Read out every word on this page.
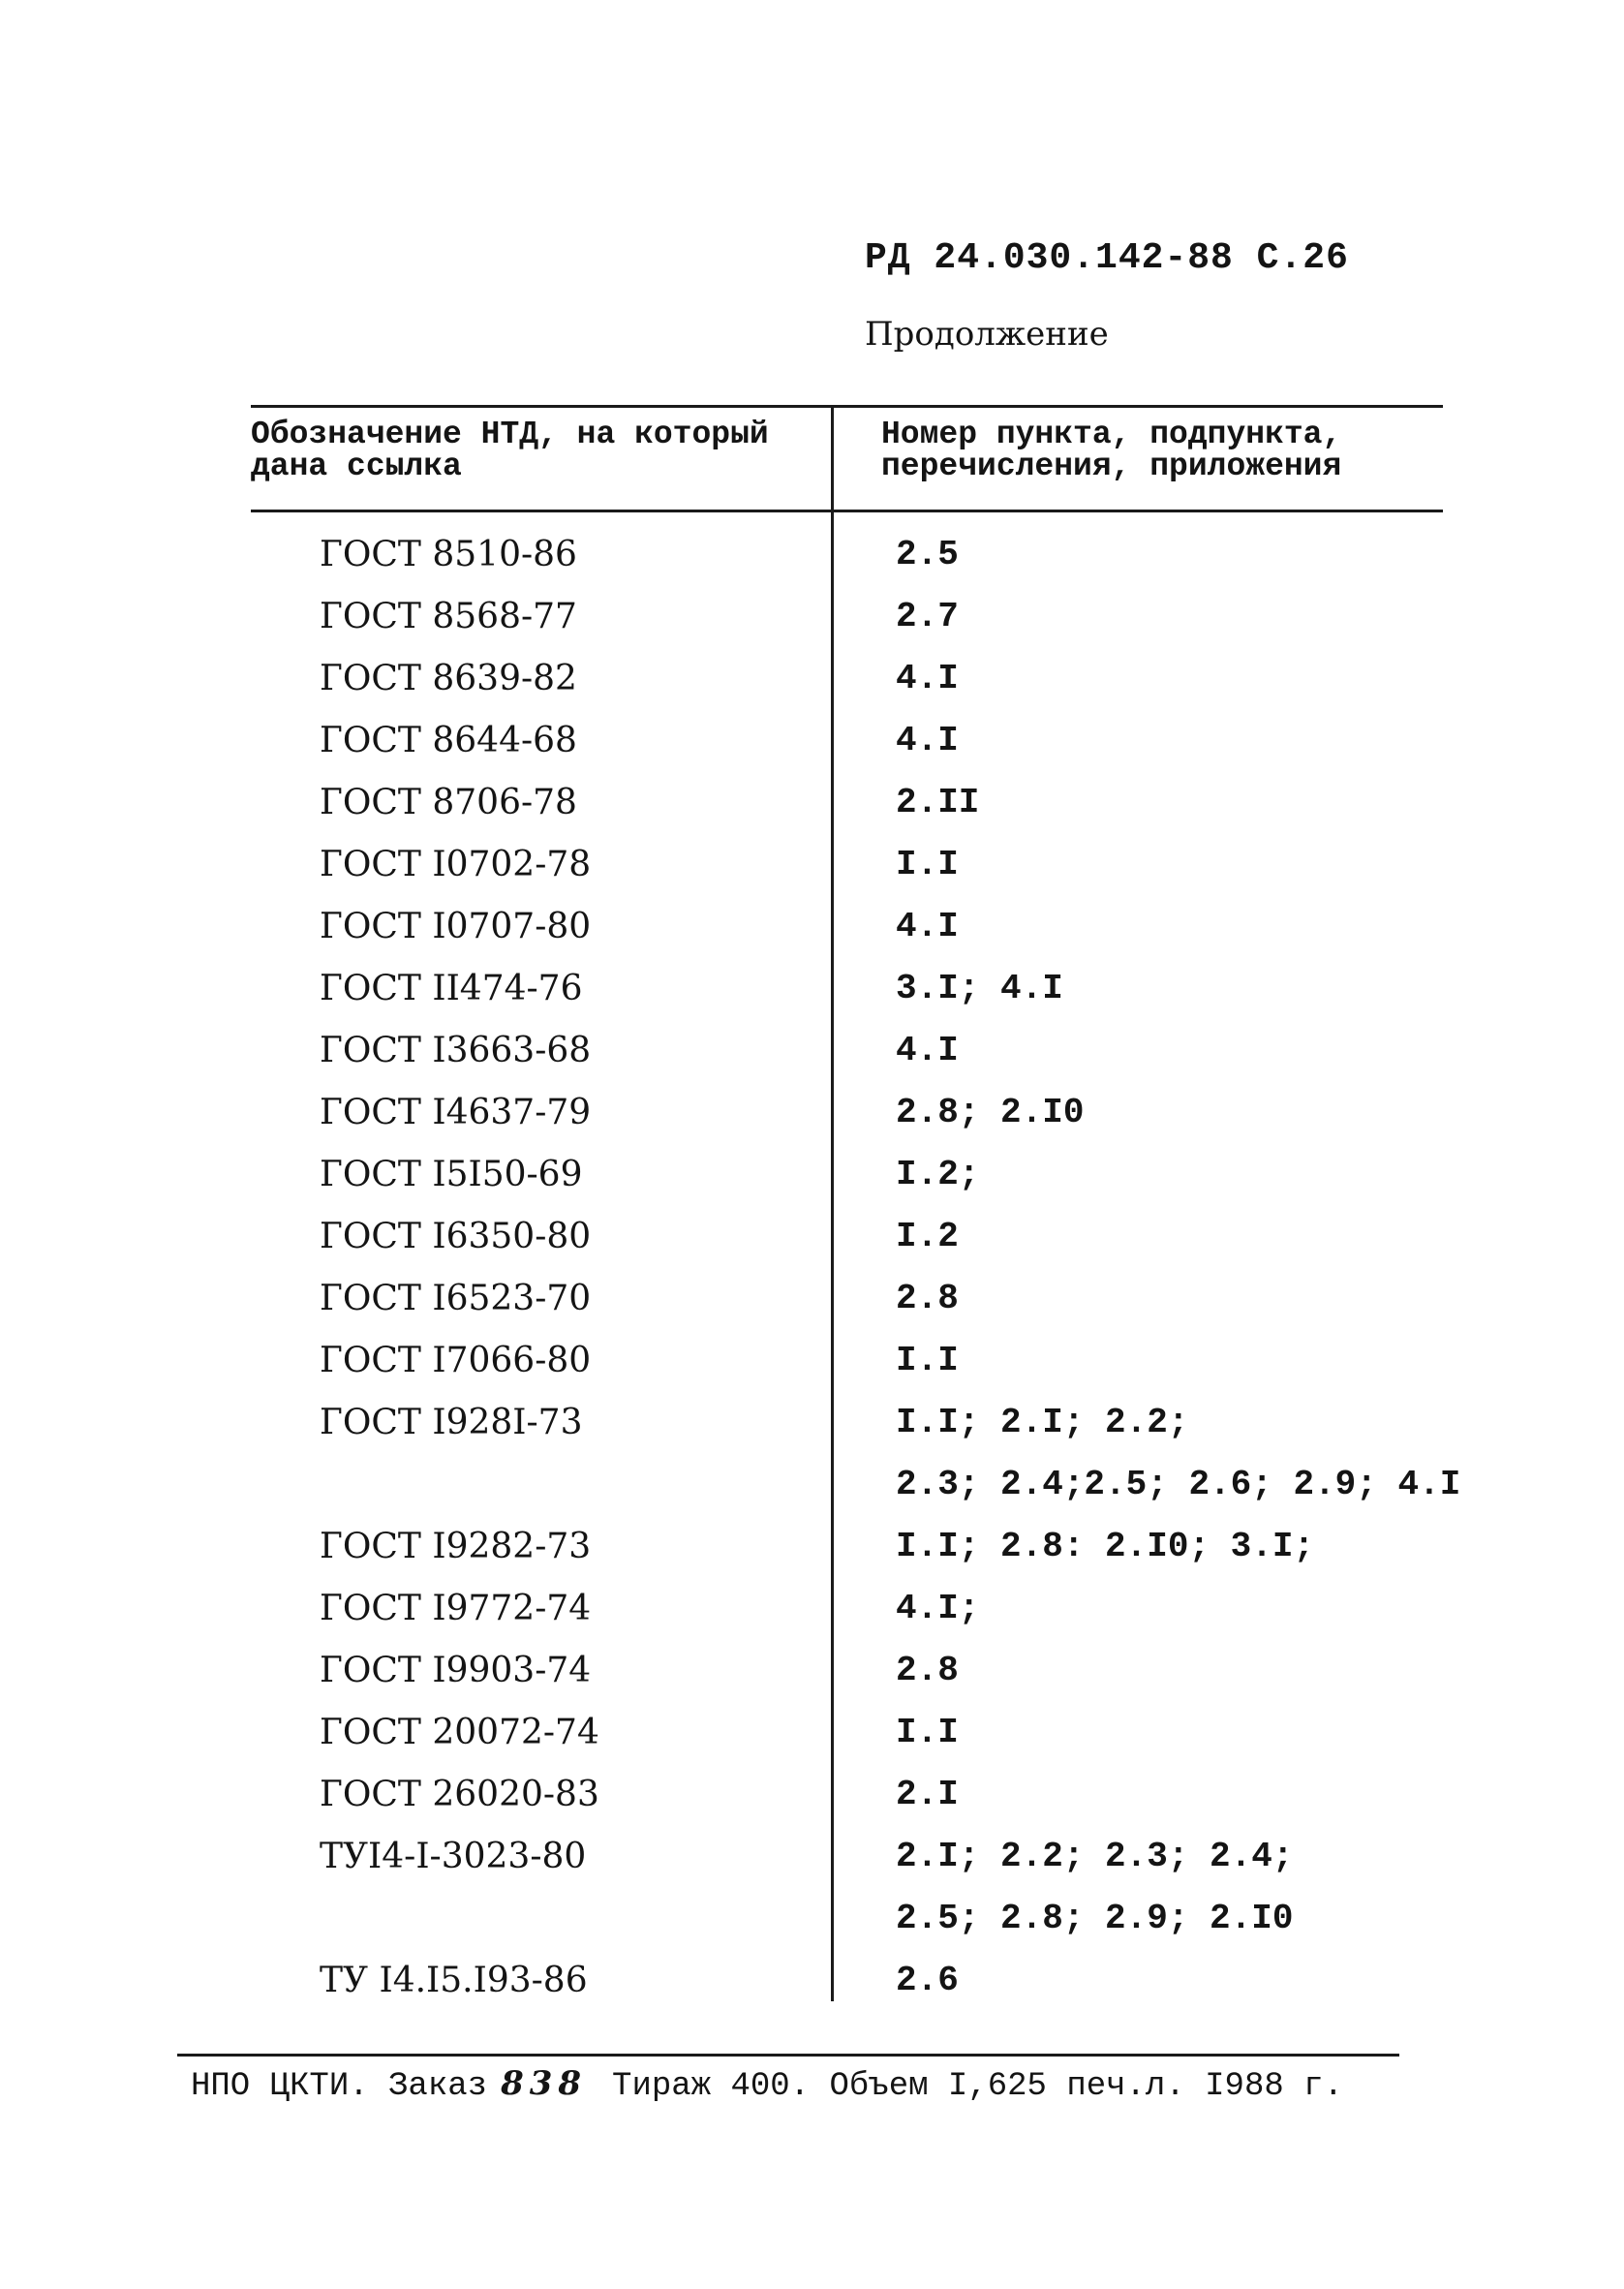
РД 24.030.142-88 С.26
Продолжение
Обозначение НТД, на который
дана ссылка
Номер пункта, подпункта,
перечисления, приложения
ГОСТ 8510-86	2.5
ГОСТ 8568-77	2.7
ГОСТ 8639-82	4.I
ГОСТ 8644-68	4.I
ГОСТ 8706-78	2.II
ГОСТ I0702-78	I.I
ГОСТ I0707-80	4.I
ГОСТ II474-76	3.I; 4.I
ГОСТ I3663-68	4.I
ГОСТ I4637-79	2.8; 2.I0
ГОСТ I5I50-69	I.2;
ГОСТ I6350-80	I.2
ГОСТ I6523-70	2.8
ГОСТ I7066-80	I.I
ГОСТ I928I-73	I.I; 2.I; 2.2;
2.3; 2.4;2.5; 2.6; 2.9; 4.I
ГОСТ I9282-73	I.I; 2.8: 2.I0; 3.I;
ГОСТ I9772-74	4.I;
ГОСТ I9903-74	2.8
ГОСТ 20072-74	I.I
ГОСТ 26020-83	2.I
ТУI4-I-3023-80	2.I; 2.2; 2.3; 2.4;
2.5; 2.8; 2.9; 2.I0
ТУ I4.I5.I93-86	2.6
НПО ЦКТИ. Заказ 838 Тираж 400. Объем I,625 печ.л. I988 г.
